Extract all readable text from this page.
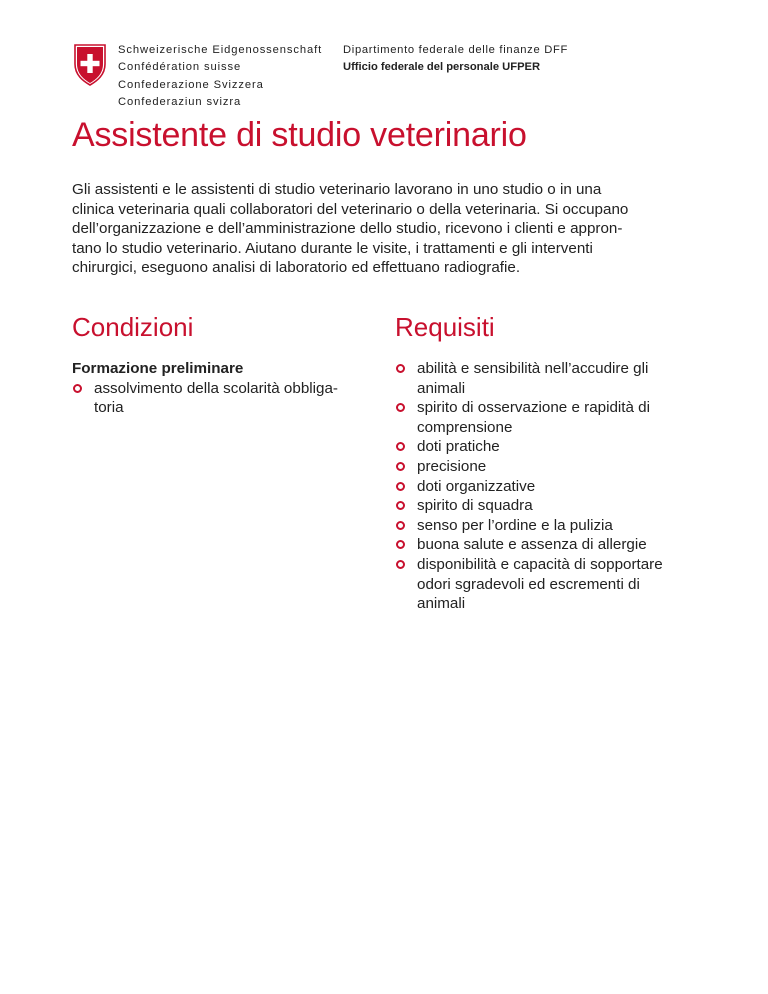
Schweizerische Eidgenossenschaft
Confédération suisse
Confederazione Svizzera
Confederaziun svizra
Dipartimento federale delle finanze DFF
Ufficio federale del personale UFPER
Assistente di studio veterinario

Gli assistenti e le assistenti di studio veterinario lavorano in uno studio o in una
clinica veterinaria quali collaboratori del veterinario o della veterinaria. Si occupano
dell’organizzazione e dell’amministrazione dello studio, ricevono i clienti e appron-
tano lo studio veterinario. Aiutano durante le visite, i trattamenti e gli interventi
chirurgici, eseguono analisi di laboratorio ed effettuano radiografie.

Condizioni	Requisiti
Formazione preliminare
assolvimento della scolarità obbliga-
toria
abilità e sensibilità nell’accudire gli
animali
spirito di osservazione e rapidità di
comprensione
doti pratiche
precisione
doti organizzative
spirito di squadra
senso per l’ordine e la pulizia
buona salute e assenza di allergie
disponibilità e capacità di sopportare
odori sgradevoli ed escrementi di
animali
